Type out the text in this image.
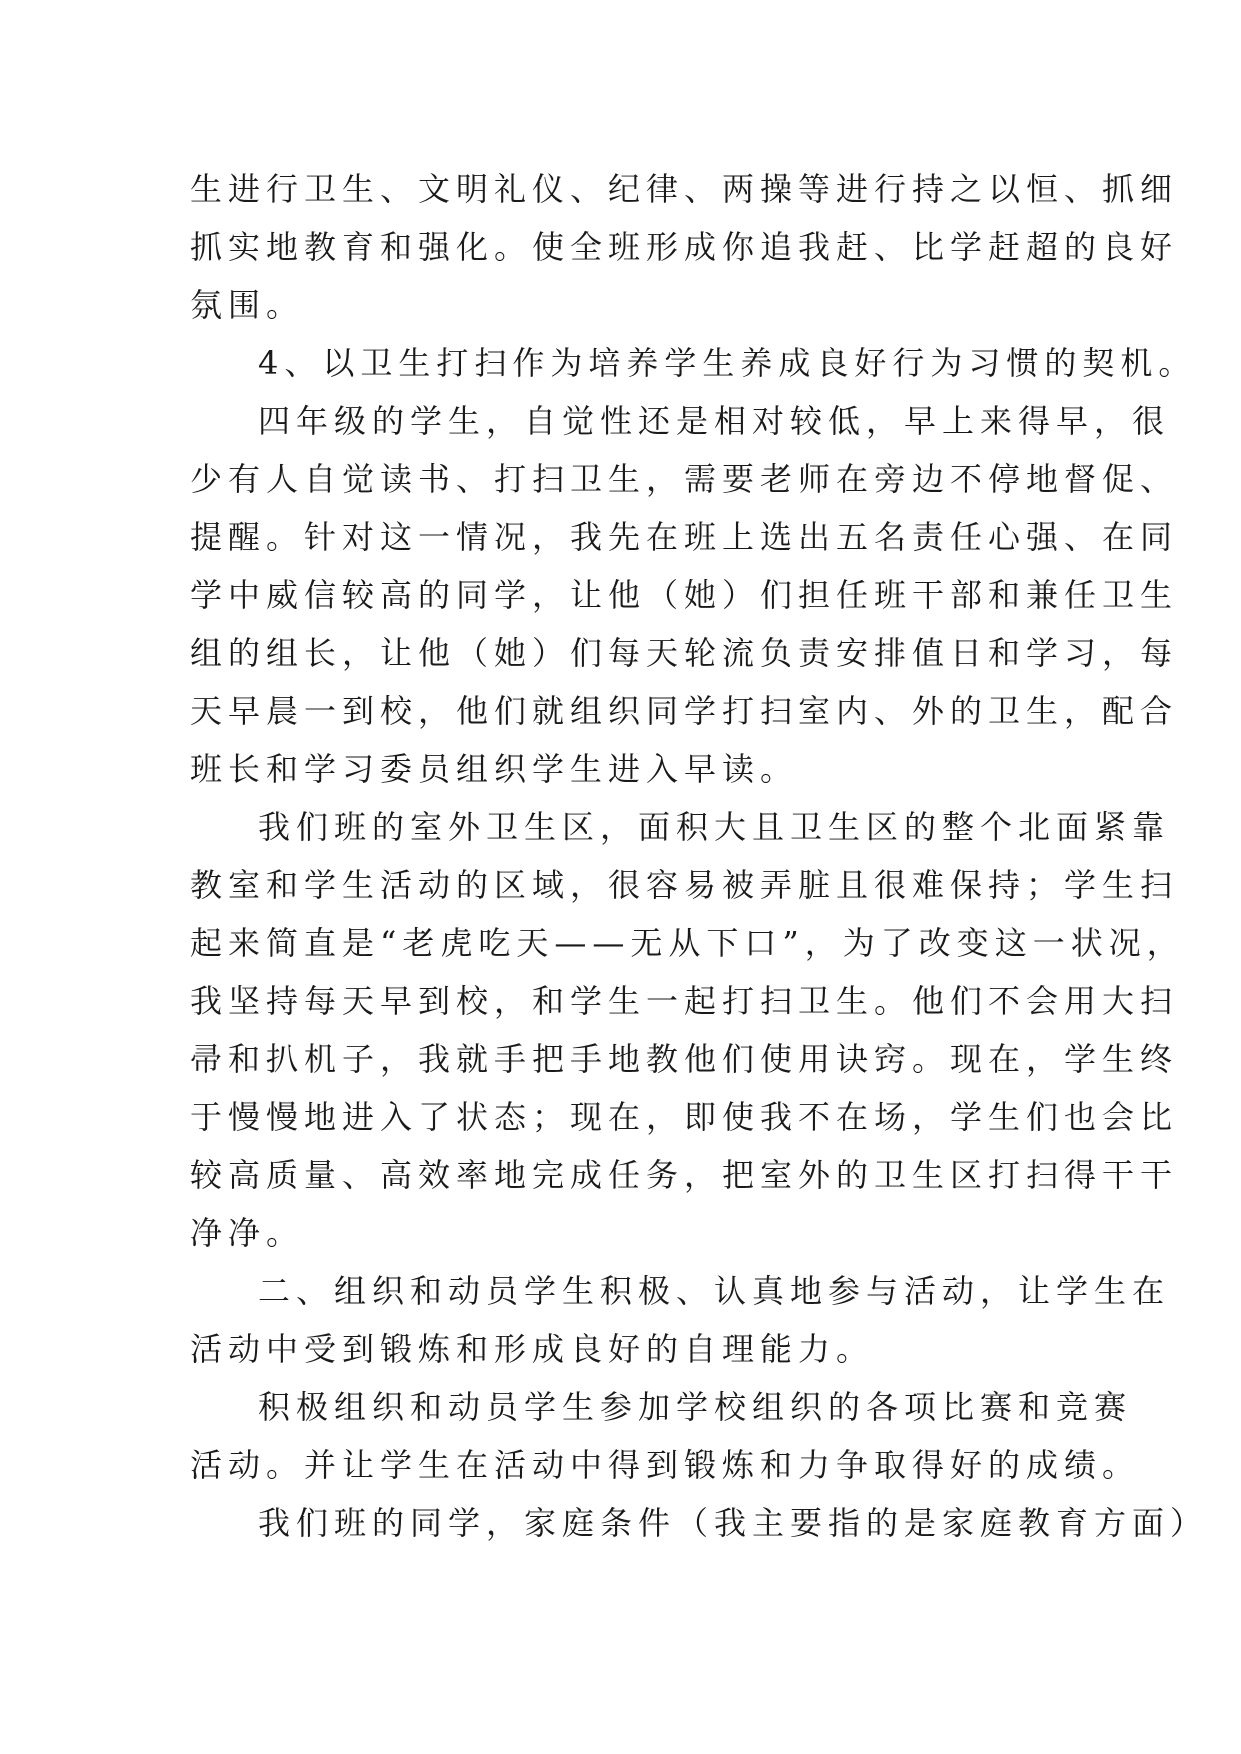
生进行卫生、文明礼仪、纪律、两操等进行持之以恒、抓细
抓实地教育和强化。使全班形成你追我赶、比学赶超的良好
氛围。
4、以卫生打扫作为培养学生养成良好行为习惯的契机。
四年级的学生，自觉性还是相对较低，早上来得早，很
少有人自觉读书、打扫卫生，需要老师在旁边不停地督促、
提醒。针对这一情况，我先在班上选出五名责任心强、在同
学中威信较高的同学，让他（她）们担任班干部和兼任卫生
组的组长，让他（她）们每天轮流负责安排值日和学习，每
天早晨一到校，他们就组织同学打扫室内、外的卫生，配合
班长和学习委员组织学生进入早读。
我们班的室外卫生区，面积大且卫生区的整个北面紧靠
教室和学生活动的区域，很容易被弄脏且很难保持；学生扫
起来简直是“老虎吃天——无从下口”，为了改变这一状况，
我坚持每天早到校，和学生一起打扫卫生。他们不会用大扫
帚和扒机子，我就手把手地教他们使用诀窍。现在，学生终
于慢慢地进入了状态；现在，即使我不在场，学生们也会比
较高质量、高效率地完成任务，把室外的卫生区打扫得干干
净净。
二、组织和动员学生积极、认真地参与活动，让学生在
活动中受到锻炼和形成良好的自理能力。
积极组织和动员学生参加学校组织的各项比赛和竞赛
活动。并让学生在活动中得到锻炼和力争取得好的成绩。
我们班的同学，家庭条件（我主要指的是家庭教育方面）
